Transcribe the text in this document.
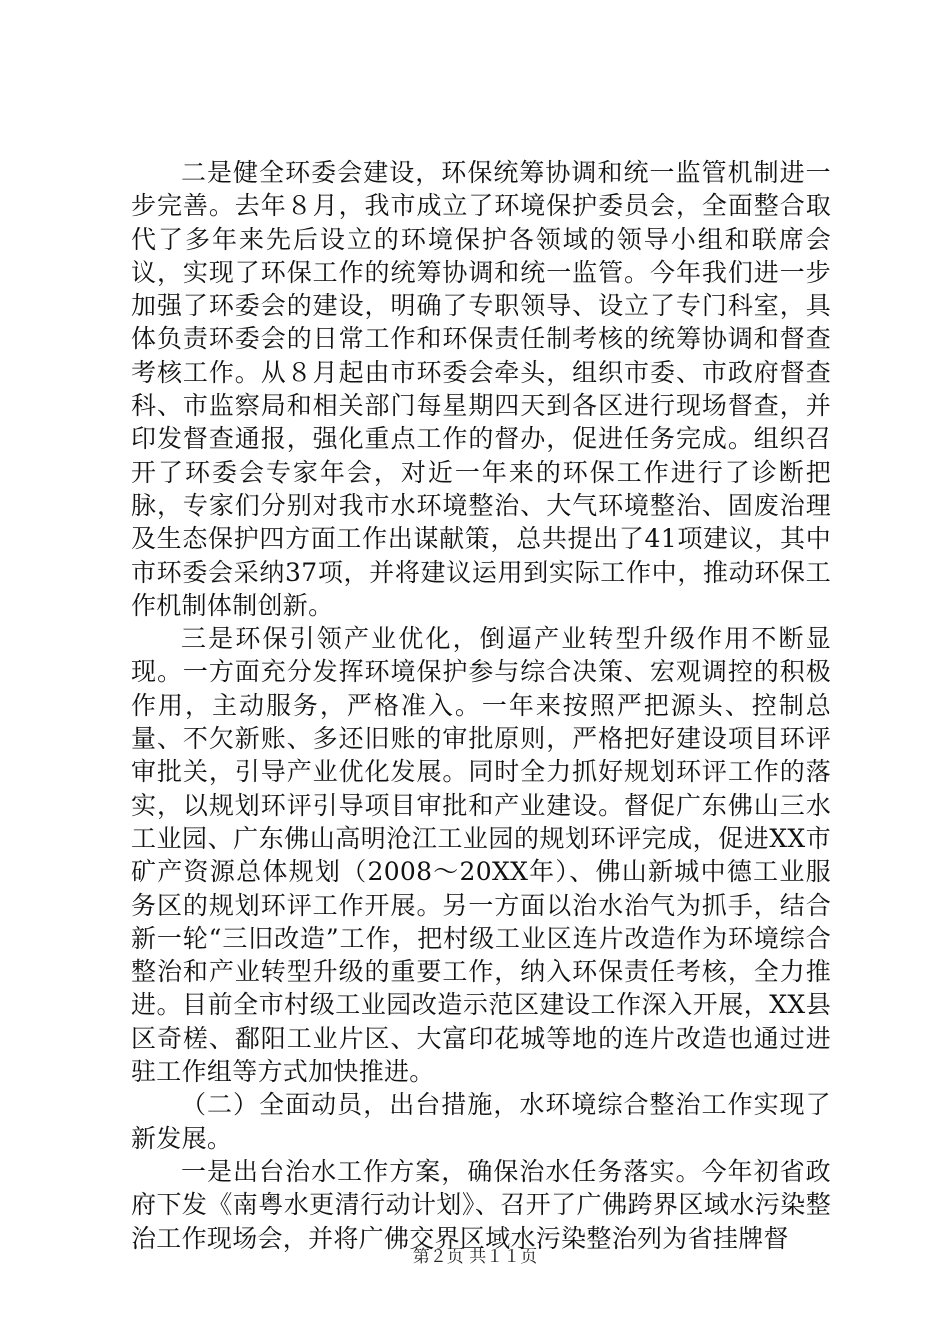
二是健全环委会建设，环保统筹协调和统一监管机制进一步完善。去年８月，我市成立了环境保护委员会，全面整合取代了多年来先后设立的环境保护各领域的领导小组和联席会议，实现了环保工作的统筹协调和统一监管。今年我们进一步加强了环委会的建设，明确了专职领导、设立了专门科室，具体负责环委会的日常工作和环保责任制考核的统筹协调和督查考核工作。从８月起由市环委会牵头，组织市委、市政府督查科、市监察局和相关部门每星期四天到各区进行现场督查，并印发督查通报，强化重点工作的督办，促进任务完成。组织召开了环委会专家年会，对近一年来的环保工作进行了诊断把脉，专家们分别对我市水环境整治、大气环境整治、固废治理及生态保护四方面工作出谋献策，总共提出了41项建议，其中市环委会采纳37项，并将建议运用到实际工作中，推动环保工作机制体制创新。

三是环保引领产业优化，倒逼产业转型升级作用不断显现。一方面充分发挥环境保护参与综合决策、宏观调控的积极作用，主动服务，严格准入。一年来按照严把源头、控制总量、不欠新账、多还旧账的审批原则，严格把好建设项目环评审批关，引导产业优化发展。同时全力抓好规划环评工作的落实，以规划环评引导项目审批和产业建设。督促广东佛山三水工业园、广东佛山高明沧江工业园的规划环评完成，促进XX市矿产资源总体规划（2008～20XX年）、佛山新城中德工业服务区的规划环评工作开展。另一方面以治水治气为抓手，结合新一轮“三旧改造”工作，把村级工业区连片改造作为环境综合整治和产业转型升级的重要工作，纳入环保责任考核，全力推进。目前全市村级工业园改造示范区建设工作深入开展，XX县区奇槎、鄱阳工业片区、大富印花城等地的连片改造也通过进驻工作组等方式加快推进。

（二）全面动员，出台措施，水环境综合整治工作实现了新发展。

一是出台治水工作方案，确保治水任务落实。今年初省政府下发《南粤水更清行动计划》、召开了广佛跨界区域水污染整治工作现场会，并将广佛交界区域水污染整治列为省挂牌督

第２页 共１１页
